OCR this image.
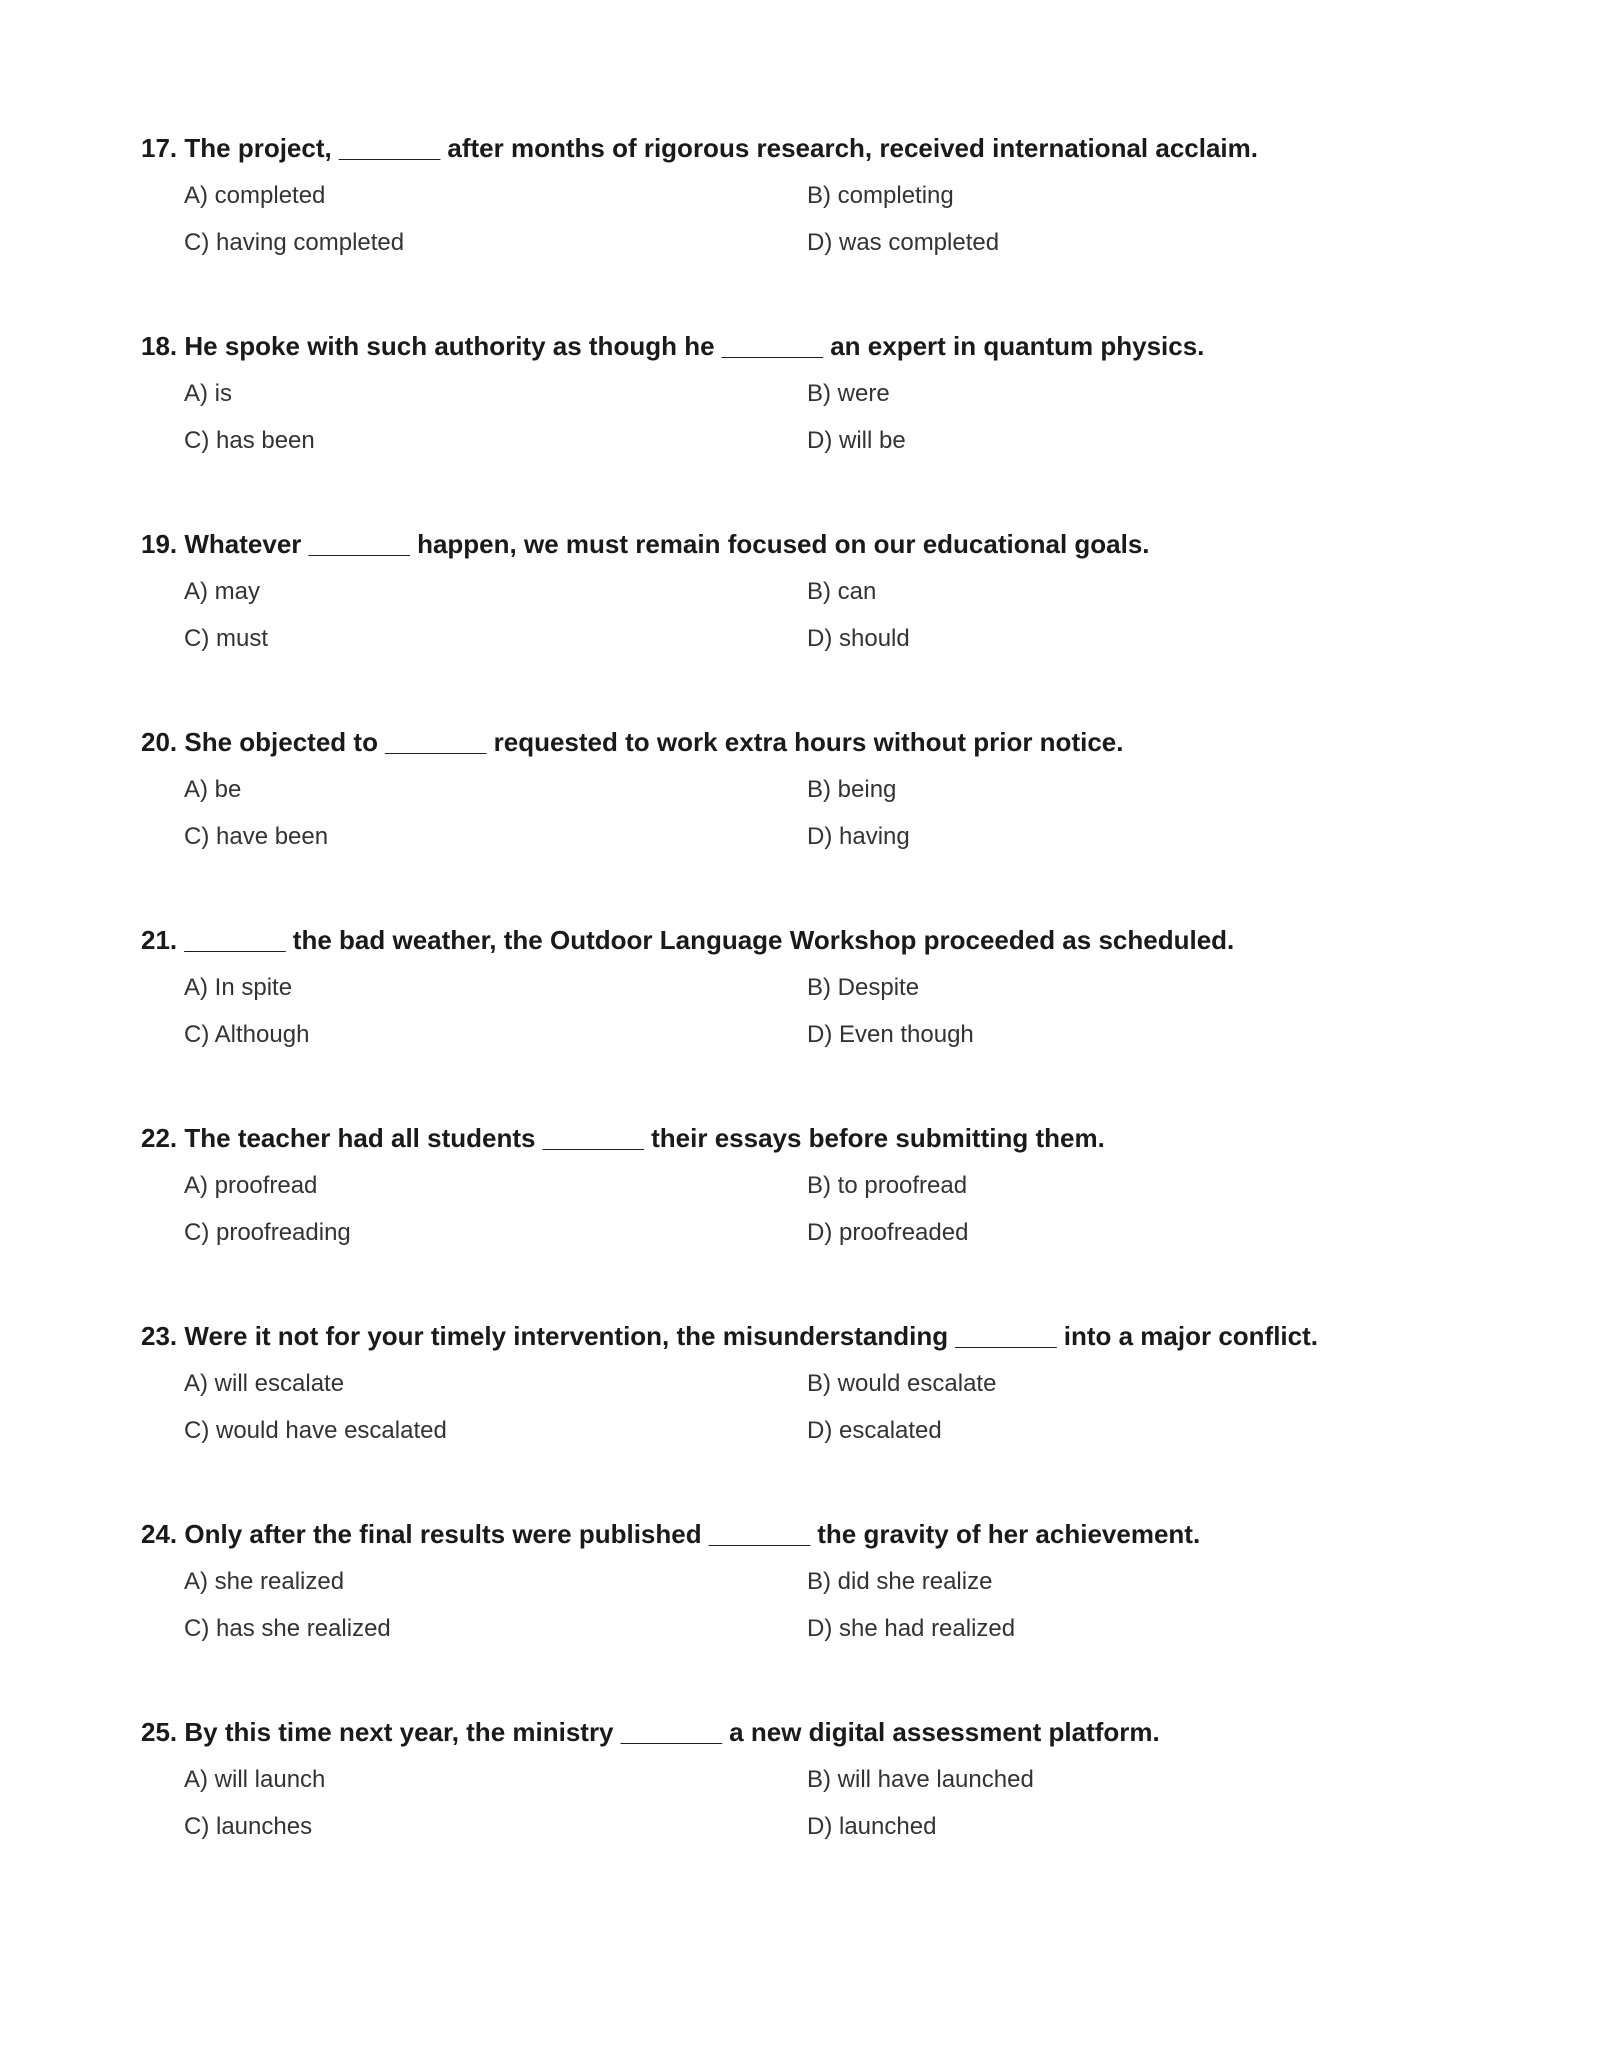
17. The project, _______ after months of rigorous research, received international acclaim.
A) completed	B) completing
C) having completed	D) was completed
18. He spoke with such authority as though he _______ an expert in quantum physics.
A) is	B) were
C) has been	D) will be
19. Whatever _______ happen, we must remain focused on our educational goals.
A) may	B) can
C) must	D) should
20. She objected to _______ requested to work extra hours without prior notice.
A) be	B) being
C) have been	D) having
21. _______ the bad weather, the Outdoor Language Workshop proceeded as scheduled.
A) In spite	B) Despite
C) Although	D) Even though
22. The teacher had all students _______ their essays before submitting them.
A) proofread	B) to proofread
C) proofreading	D) proofreaded
23. Were it not for your timely intervention, the misunderstanding _______ into a major conflict.
A) will escalate	B) would escalate
C) would have escalated	D) escalated
24. Only after the final results were published _______ the gravity of her achievement.
A) she realized	B) did she realize
C) has she realized	D) she had realized
25. By this time next year, the ministry _______ a new digital assessment platform.
A) will launch	B) will have launched
C) launches	D) launched
